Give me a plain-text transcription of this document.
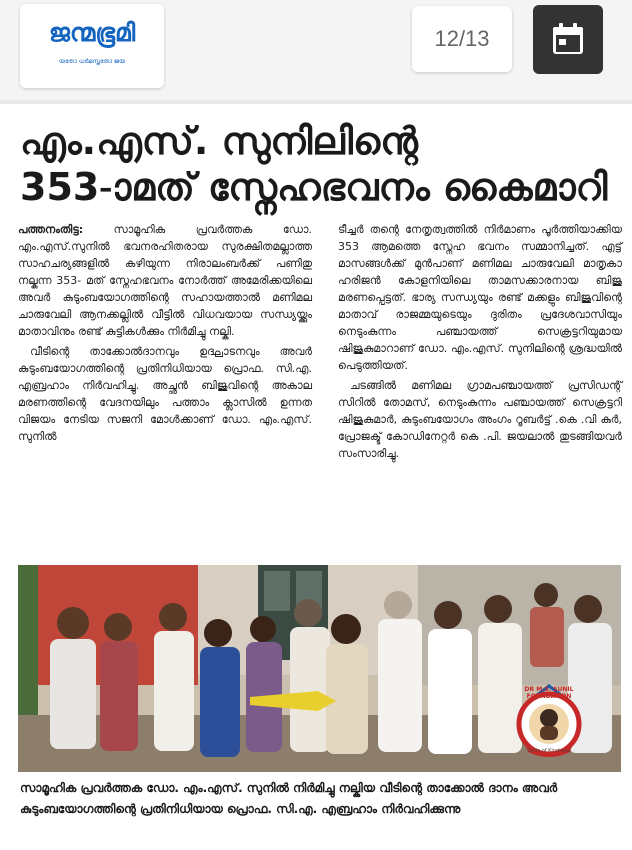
ജന്മഭൂമി
യതോ ധർമസ്തതോ ജയ
12/13
എം.എസ്. സുനിലിന്റെ
353-ാമത് സ്നേഹഭവനം കൈമാറി

പത്തനംതിട്ട:	സാമൂഹിക പ്രവർത്തക ഡോ. എം.എസ്.സുനിൽ ഭവനരഹിതരായ സുരക്ഷിതമല്ലാത്ത സാഹചര്യങ്ങളിൽ കഴിയുന്ന നിരാലംബർക്ക് പണിതു നല്കുന്ന 353- മത് സ്നേഹഭവനം നോർത്ത് അമേരിക്കയിലെ അവർ കുടുംബയോഗത്തിന്റെ സഹായത്താൽ മണിമല ചാരുവേലി ആനക്കല്ലിൽ വീട്ടിൽ വിധവയായ സന്ധ്യയ്ക്കും മാതാവിനും രണ്ട് കുട്ടികൾക്കും നിർമിച്ചു നല്കി.

വീടിന്റെ താക്കോൽദാനവും ഉദ്ഘാടനവും അവർ കുടുംബയോഗത്തിന്റെ പ്രതിനിധിയായ പ്രൊഫ. സി.എ. എബ്രഹാം നിർവഹിച്ചു. അച്ഛൻ ബിജുവിന്റെ അകാല മരണത്തിന്റെ വേദനയിലും പത്താം ക്ലാസിൽ ഉന്നത വിജയം നേടിയ സജനി മോൾക്കാണ് ഡോ. എം.എസ്. സുനിൽ

ടീച്ചർ തന്റെ നേതൃത്വത്തിൽ നിർമാണം പൂർത്തിയാക്കിയ 353 ആമത്തെ സ്നേഹ ഭവനം സമ്മാനിച്ചത്. എട്ട് മാസങ്ങൾക്ക് മുൻപാണ് മണിമല ചാരുവേലി മാതൃകാ ഹരിജൻ കോളനിയിലെ താമസക്കാരനായ ബിജു മരണപ്പെട്ടത്. ഭാര്യ സന്ധ്യയും രണ്ട് മക്കളും ബിജുവിന്റെ മാതാവ് രാജമ്മയുടെയും ദുരിതം പ്രദേശവാസിയും നെടുംകുന്നം പഞ്ചായത്ത് സെക്രട്ടറിയുമായ ഷിജുകുമാറാണ് ഡോ. എം.എസ്. സുനിലിന്റെ ശ്രദ്ധയിൽ പെടുത്തിയത്.

ചടങ്ങിൽ മണിമല ഗ്രാമപഞ്ചായത്ത് പ്രസിഡന്റ് സിറിൽ തോമസ്, നെടുംകുന്നം പഞ്ചായത്ത് സെക്രട്ടറി ഷിജുകുമാർ, കുടുംബയോഗം അംഗം റൂബർട്ട് .കെ .വി കുർ, പ്രോജക്ട് കോഡിനേറ്റർ കെ .പി. ജയലാൽ തുടങ്ങിയവർ സംസാരിച്ചു.

DR M.S. SUNIL FOUNDATION
Gods of Kindness
സാമൂഹിക പ്രവർത്തക ഡോ. എം.എസ്. സുനിൽ നിർമിച്ചു നല്കിയ വീടിന്റെ താക്കോൽ ദാനം അവർ കുടുംബയോഗത്തിന്റെ പ്രതിനിധിയായ പ്രൊഫ. സി.എ. എബ്രഹാം നിർവഹിക്കുന്നു
